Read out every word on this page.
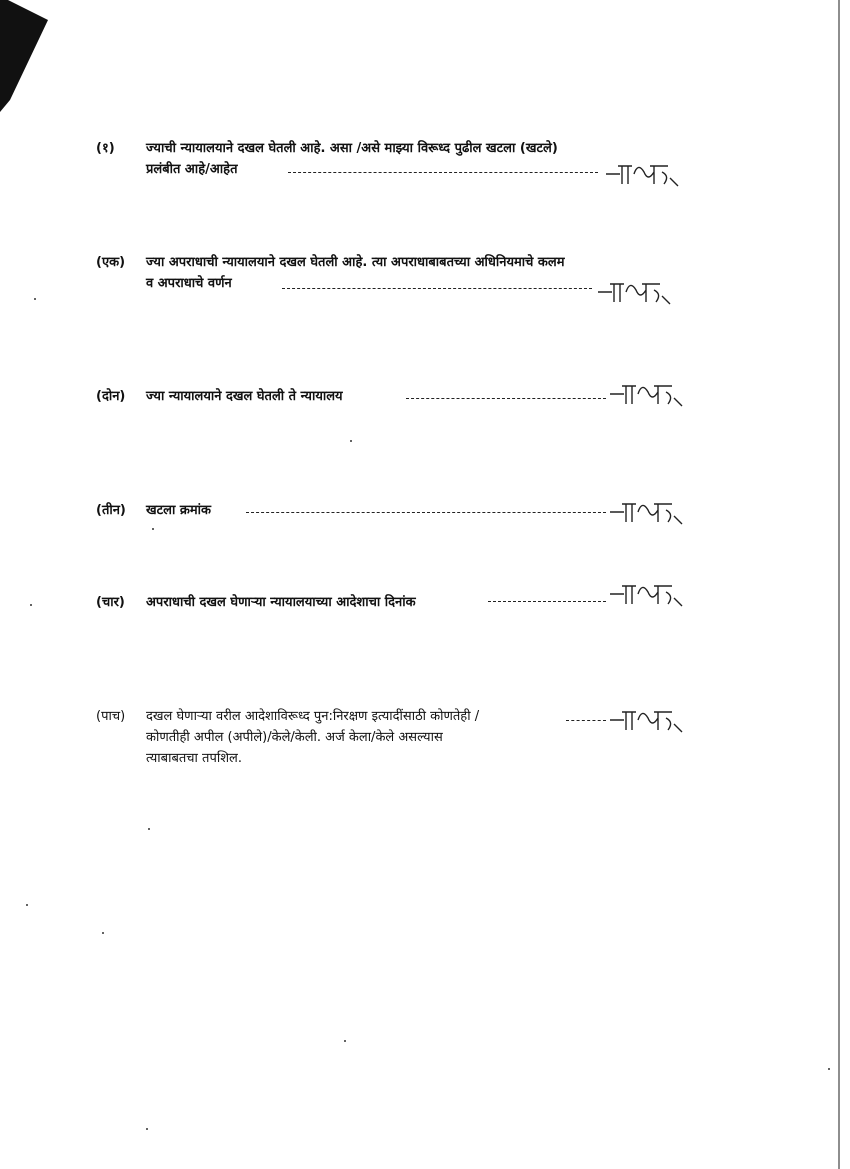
(१) ज्याची न्यायालयाने दखल घेतली आहे. असा /असे माझ्या विरूध्द पुढील खटला (खटले)
प्रलंबीत आहे/आहेत
(एक) ज्या अपराधाची न्यायालयाने दखल घेतली आहे. त्या अपराधाबाबतच्या अधिनियमाचे कलम
व अपराधाचे वर्णन
(दोन) ज्या न्यायालयाने दखल घेतली ते न्यायालय
(तीन) खटला क्रमांक
(चार) अपराधाची दखल घेणाऱ्या न्यायालयाच्या आदेशाचा दिनांक
(पाच) दखल घेणाऱ्या वरील आदेशाविरूध्द पुन:निरक्षण इत्यादींसाठी कोणतेही /
कोणतीही अपील (अपीले)/केले/केली. अर्ज केला/केले असल्यास
त्याबाबतचा तपशिल.
